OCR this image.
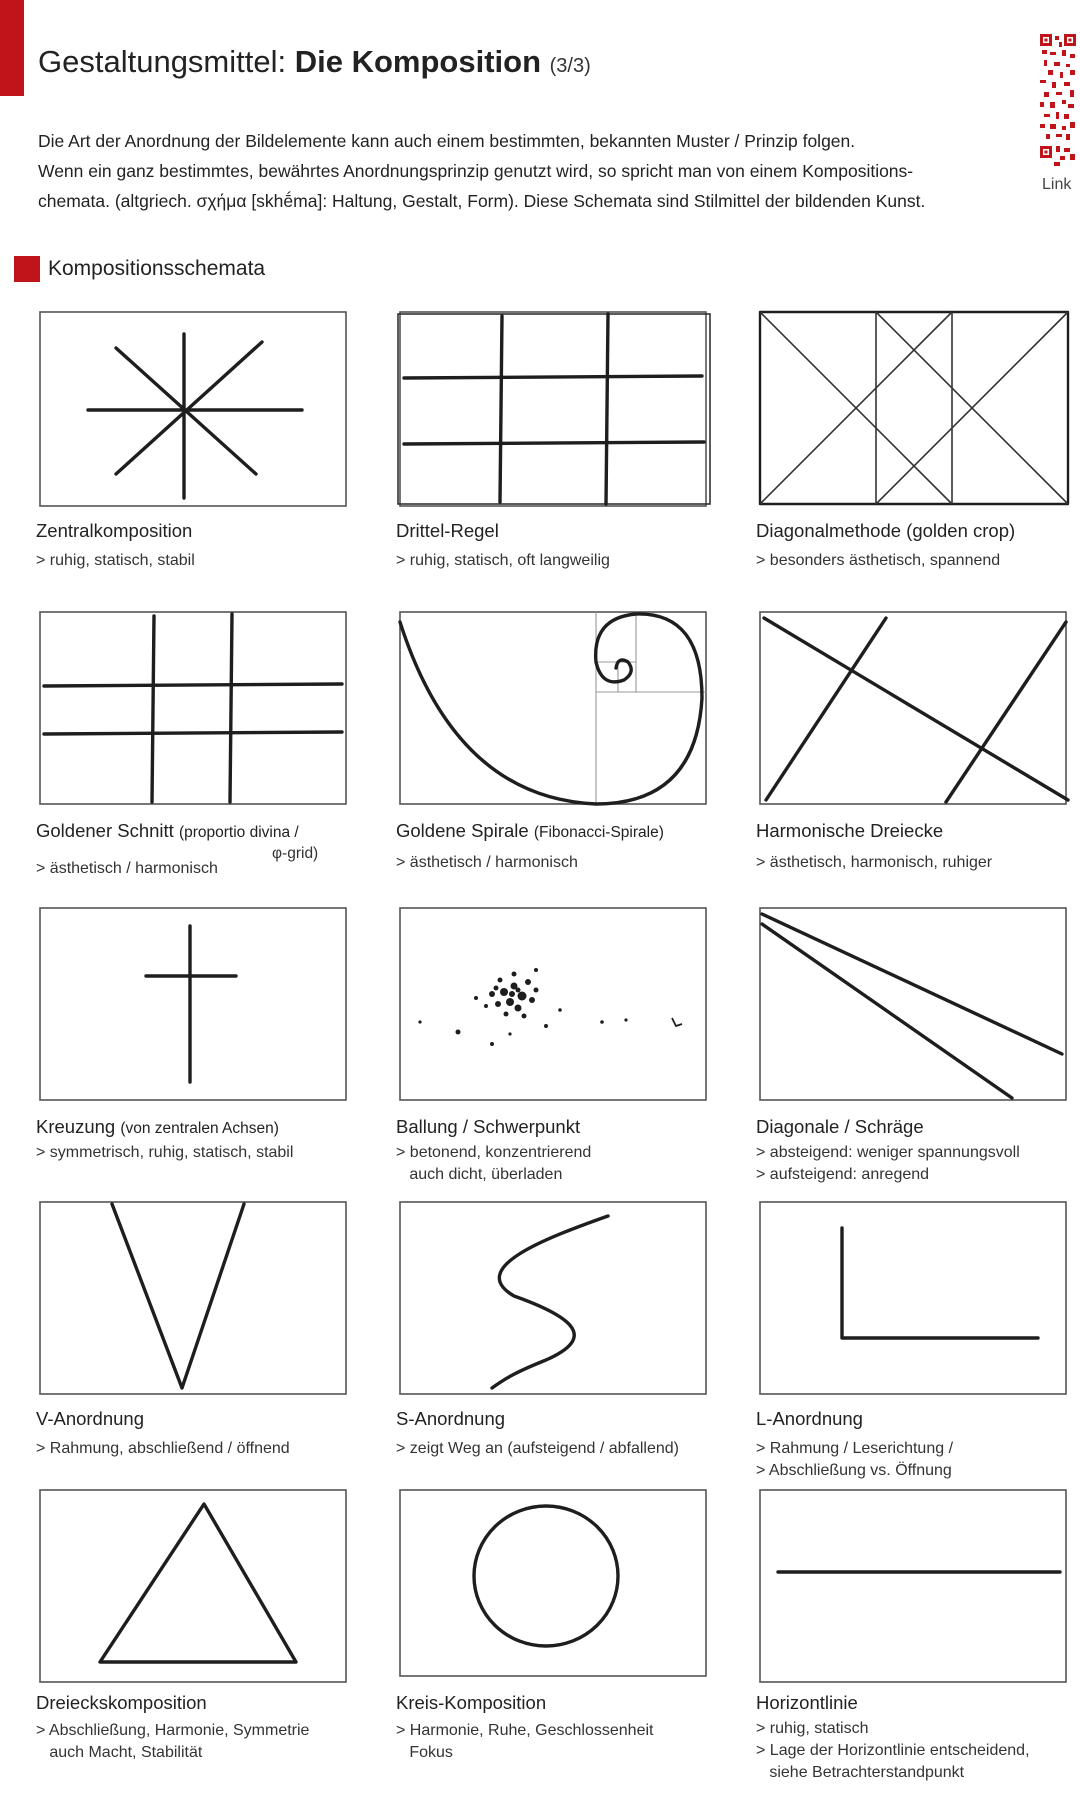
Gestaltungsmittel: Die Komposition (3/3)
Link

Die Art der Anordnung der Bildelemente kann auch einem bestimmten, bekannten Muster / Prinzip folgen.

Wenn ein ganz bestimmtes, bewährtes Anordnungsprinzip genutzt wird, so spricht man von einem Kompositions-

chemata. (altgriech. σχήμα [skhḗma]: Haltung, Gestalt, Form). Diese Schemata sind Stilmittel der bildenden Kunst.

Kompositionsschemata
Zentralkomposition
> ruhig, statisch, stabil
Drittel-Regel
> ruhig, statisch, oft langweilig
Diagonalmethode (golden crop)
> besonders ästhetisch, spannend
Goldener Schnitt (proportio divina /
> ästhetisch / harmonisch
φ-grid)
Goldene Spirale (Fibonacci-Spirale)
> ästhetisch / harmonisch
Harmonische Dreiecke
> ästhetisch, harmonisch, ruhiger
Kreuzung (von zentralen Achsen)
> symmetrisch, ruhig, statisch, stabil
Ballung / Schwerpunkt
> betonend, konzentrierend
auch dicht, überladen
Diagonale / Schräge
> absteigend: weniger spannungsvoll
> aufsteigend: anregend
V-Anordnung
> Rahmung, abschließend / öffnend
S-Anordnung
> zeigt Weg an (aufsteigend / abfallend)
L-Anordnung
> Rahmung / Leserichtung /
> Abschließung vs. Öffnung
Dreieckskomposition
> Abschließung, Harmonie, Symmetrie
auch Macht, Stabilität
Kreis-Komposition
> Harmonie, Ruhe, Geschlossenheit
Fokus
Horizontlinie
> ruhig, statisch
> Lage der Horizontlinie entscheidend,
siehe Betrachterstandpunkt
